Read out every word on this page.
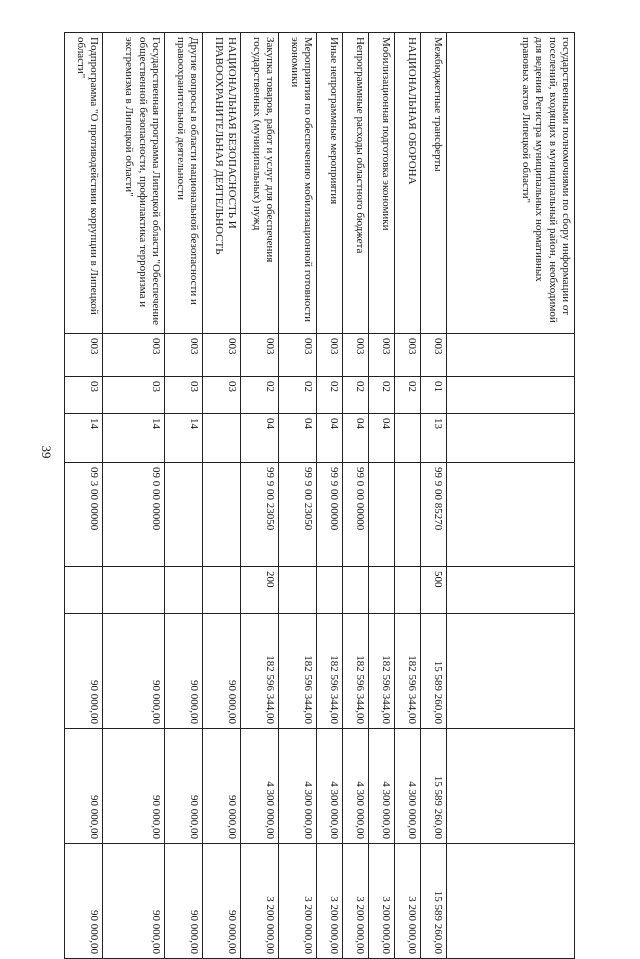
39
государственными полномочиями по сбору информации от поселений, входящих в муниципальный район, необходимой для ведения Регистра муниципальных нормативных правовых актов Липецкой области"								
Межбюджетные трансферты	003	01	13	99 9 00 85270	500	15 589 260,00	15 589 260,00	15 589 260,00
НАЦИОНАЛЬНАЯ ОБОРОНА	003	02				182 596 344,00	4 300 000,00	3 200 000,00
Мобилизационная подготовка экономики	003	02	04			182 596 344,00	4 300 000,00	3 200 000,00
Непрограммные расходы областного бюджета	003	02	04	99 0 00 00000		182 596 344,00	4 300 000,00	3 200 000,00
Иные непрограммные мероприятия	003	02	04	99 9 00 00000		182 596 344,00	4 300 000,00	3 200 000,00
Мероприятия по обеспечению мобилизационной готовности экономики	003	02	04	99 9 00 23050		182 596 344,00	4 300 000,00	3 200 000,00
Закупка товаров, работ и услуг для обеспечения государственных (муниципальных) нужд	003	02	04	99 9 00 23050	200	182 596 344,00	4 300 000,00	3 200 000,00
НАЦИОНАЛЬНАЯ БЕЗОПАСНОСТЬ И ПРАВООХРАНИТЕЛЬНАЯ ДЕЯТЕЛЬНОСТЬ	003	03				90 000,00	90 000,00	90 000,00
Другие вопросы в области национальной безопасности и правоохранительной деятельности	003	03	14			90 000,00	90 000,00	90 000,00
Государственная программа Липецкой области "Обеспечение общественной безопасности, профилактика терроризма и экстремизма в Липецкой области"	003	03	14	09 0 00 00000		90 000,00	90 000,00	90 000,00
Подпрограмма "О противодействии коррупции в Липецкой области"	003	03	14	09 3 00 00000		90 000,00	90 000,00	90 000,00
